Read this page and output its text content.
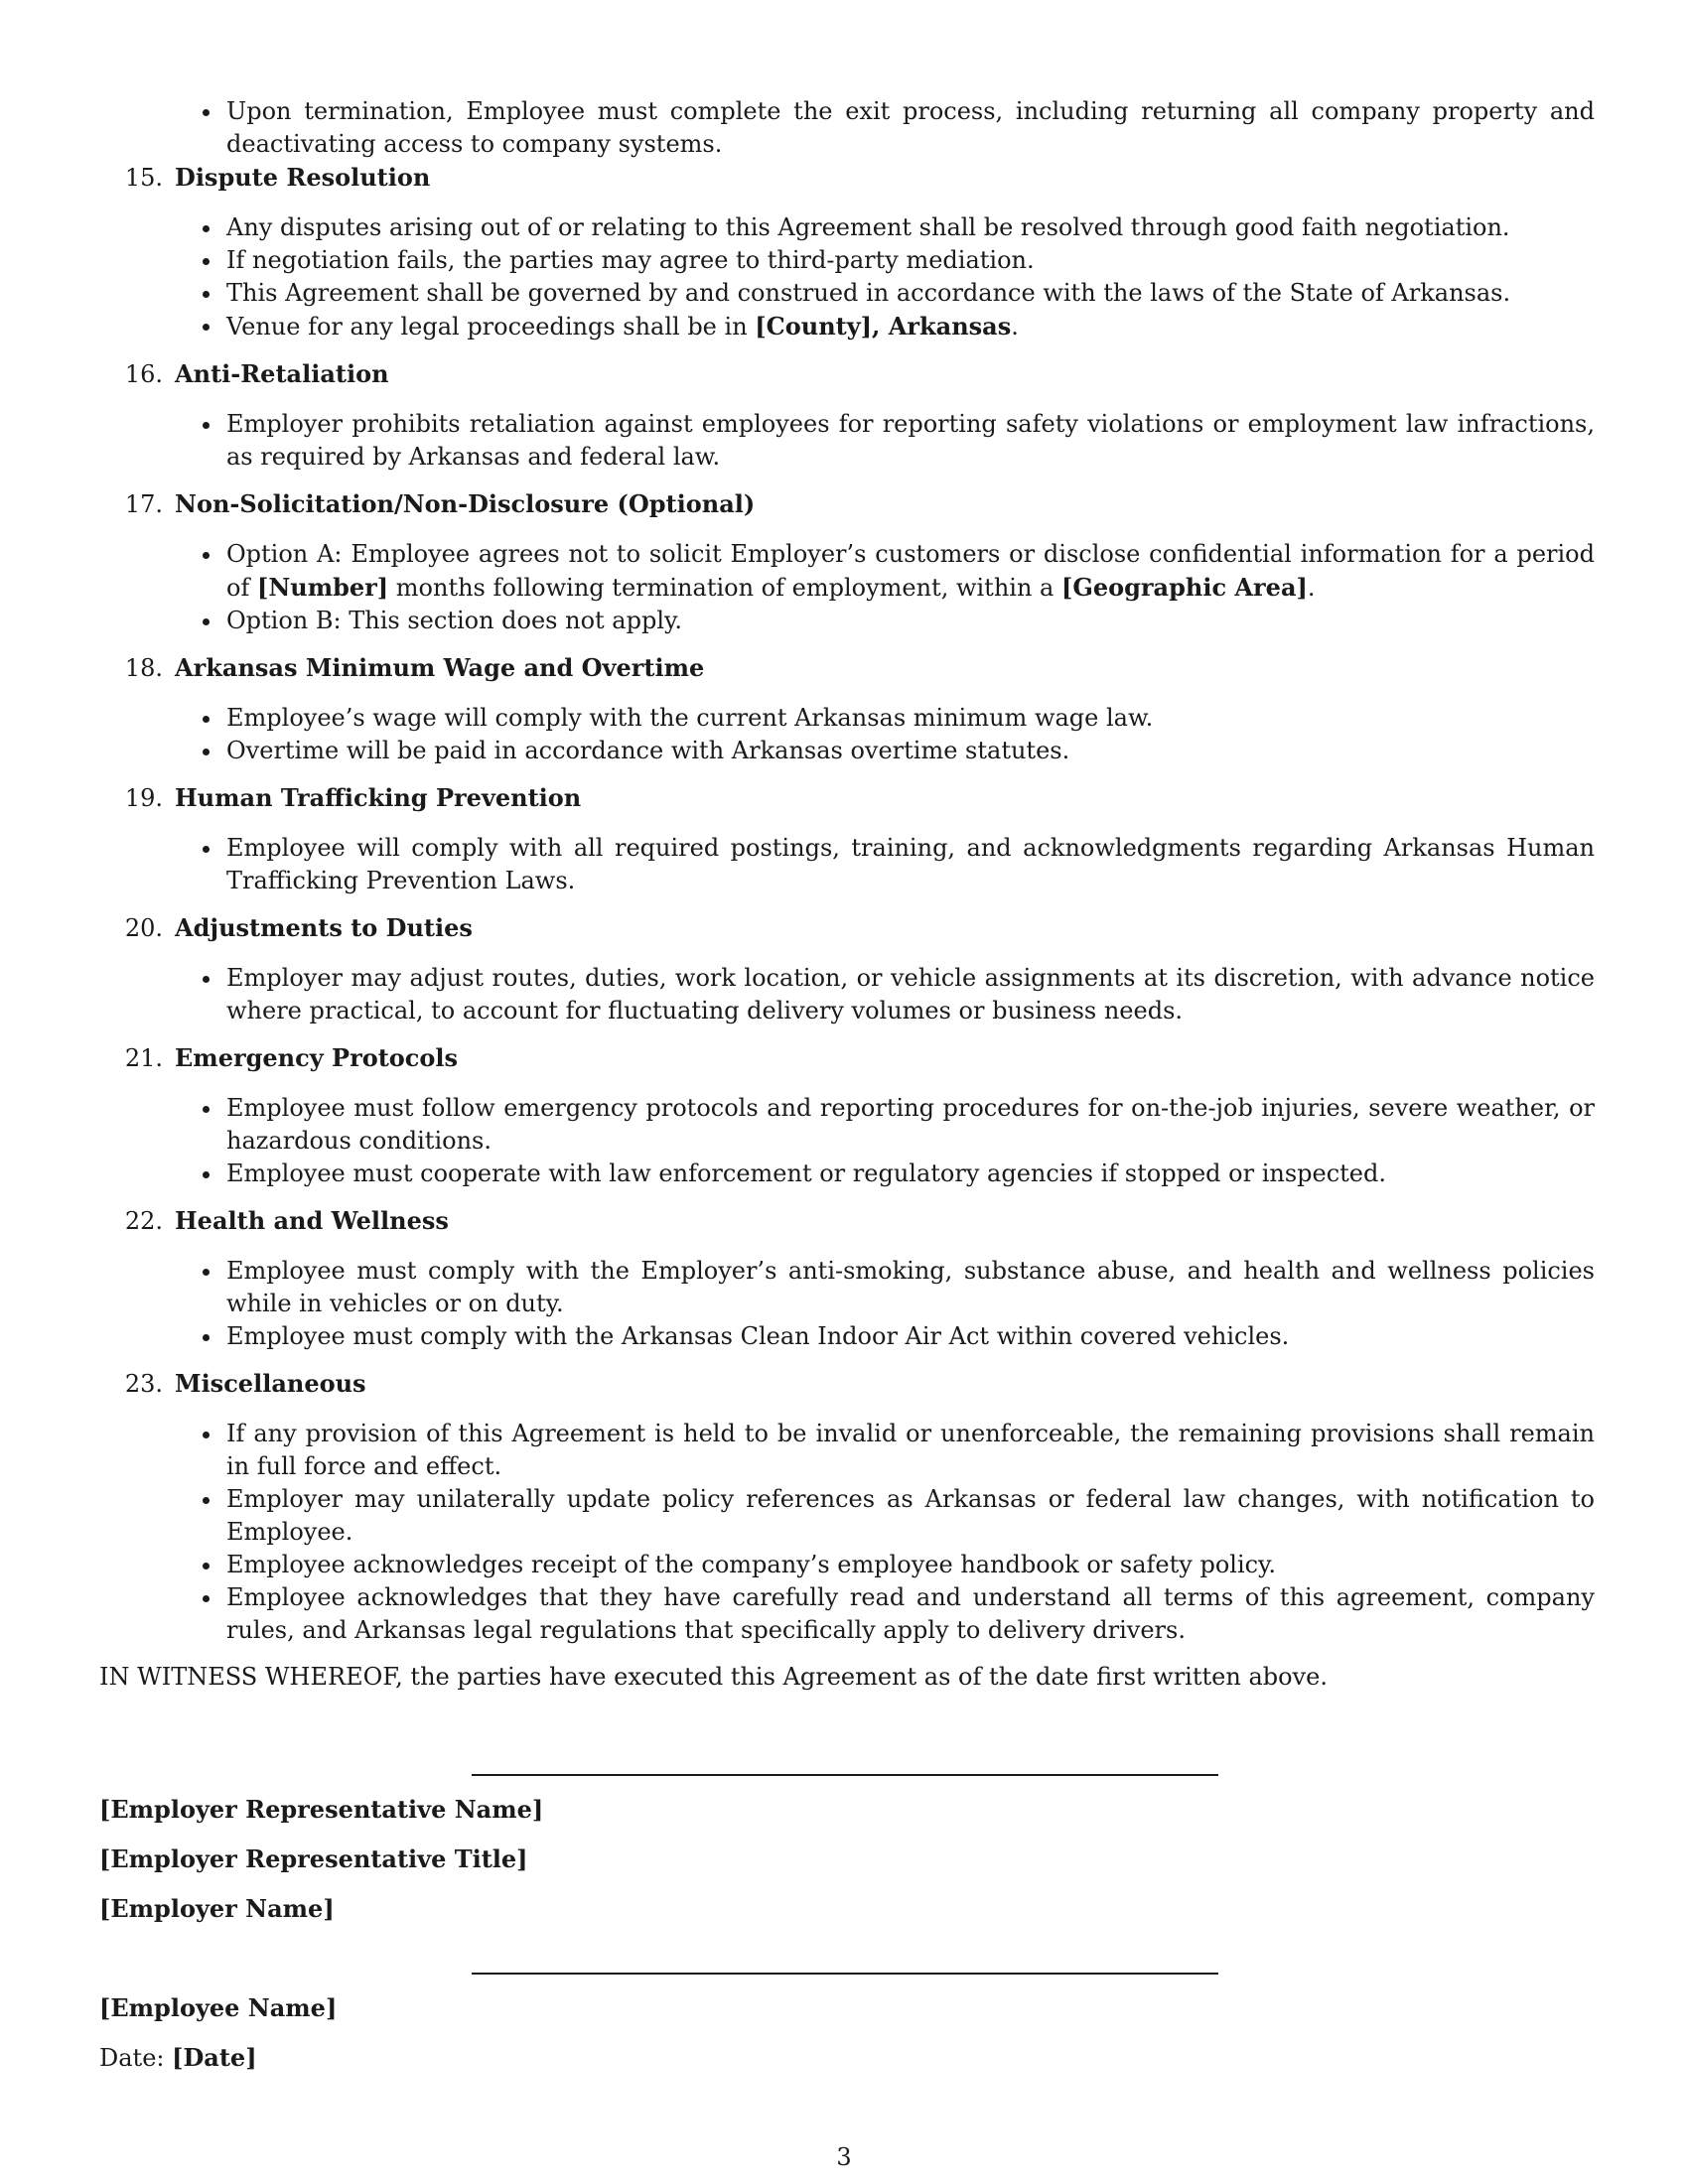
Upon termination, Employee must complete the exit process, including returning all company property and deactivating access to company systems.
15. Dispute Resolution
Any disputes arising out of or relating to this Agreement shall be resolved through good faith negotiation.
If negotiation fails, the parties may agree to third-party mediation.
This Agreement shall be governed by and construed in accordance with the laws of the State of Arkansas.
Venue for any legal proceedings shall be in [County], Arkansas.
16. Anti-Retaliation
Employer prohibits retaliation against employees for reporting safety violations or employment law infractions, as required by Arkansas and federal law.
17. Non-Solicitation/Non-Disclosure (Optional)
Option A: Employee agrees not to solicit Employer’s customers or disclose confidential information for a period of [Number] months following termination of employment, within a [Geographic Area].
Option B: This section does not apply.
18. Arkansas Minimum Wage and Overtime
Employee’s wage will comply with the current Arkansas minimum wage law.
Overtime will be paid in accordance with Arkansas overtime statutes.
19. Human Trafficking Prevention
Employee will comply with all required postings, training, and acknowledgments regarding Arkansas Human Trafficking Prevention Laws.
20. Adjustments to Duties
Employer may adjust routes, duties, work location, or vehicle assignments at its discretion, with advance notice where practical, to account for fluctuating delivery volumes or business needs.
21. Emergency Protocols
Employee must follow emergency protocols and reporting procedures for on-the-job injuries, severe weather, or hazardous conditions.
Employee must cooperate with law enforcement or regulatory agencies if stopped or inspected.
22. Health and Wellness
Employee must comply with the Employer’s anti-smoking, substance abuse, and health and wellness policies while in vehicles or on duty.
Employee must comply with the Arkansas Clean Indoor Air Act within covered vehicles.
23. Miscellaneous
If any provision of this Agreement is held to be invalid or unenforceable, the remaining provisions shall remain in full force and effect.
Employer may unilaterally update policy references as Arkansas or federal law changes, with notification to Employee.
Employee acknowledges receipt of the company’s employee handbook or safety policy.
Employee acknowledges that they have carefully read and understand all terms of this agreement, company rules, and Arkansas legal regulations that specifically apply to delivery drivers.

IN WITNESS WHEREOF, the parties have executed this Agreement as of the date first written above.

[Employer Representative Name]
[Employer Representative Title]
[Employer Name]
[Employee Name]
Date: [Date]
3
